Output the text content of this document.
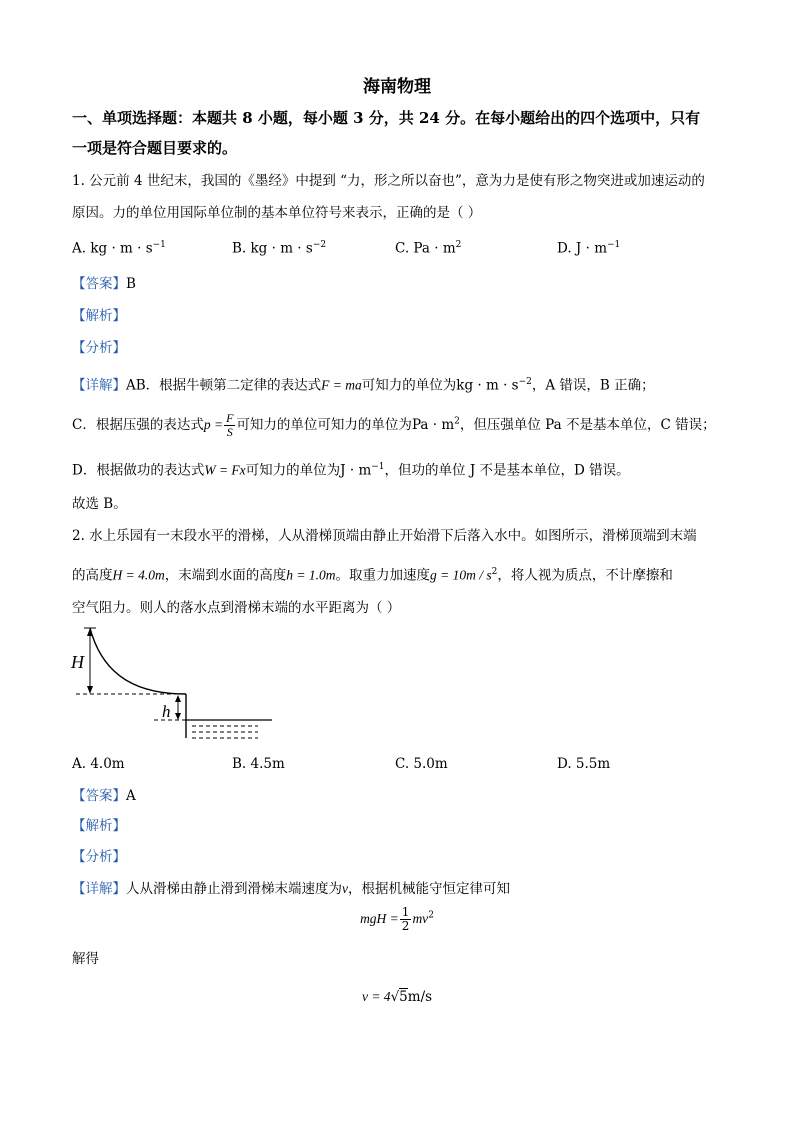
海南物理
一、单项选择题：本题共 8 小题，每小题 3 分，共 24 分。在每小题给出的四个选项中，只有
一项是符合题目要求的。
1. 公元前 4 世纪末，我国的《墨经》中提到 “力，形之所以奋也”，意为力是使有形之物突进或加速运动的
原因。力的单位用国际单位制的基本单位符号来表示，正确的是（ ）
A. kg · $m \cdot s^{-1}$	B. kg · $m \cdot s^{-2}$	C. $Pa \cdot m^2$	D. $J \cdot m^{-1}$
【答案】B
【解析】
【分析】
【详解】AB．根据牛顿第二定律的表达式F = ma可知力的单位为kg · $m \cdot s^{-2}$，A 错误，B 正确；
C．根据压强的表达式$p = \frac{F}{S}$ 可知力的单位可知力的单位为$Pa \cdot m^2$，但压强单位 Pa 不是基本单位，C 错误；
D．根据做功的表达式W = Fx可知力的单位为$J \cdot m^{-1}$，但功的单位 J 不是基本单位，D 错误。
故选 B。
2. 水上乐园有一末段水平的滑梯，人从滑梯顶端由静止开始滑下后落入水中。如图所示，滑梯顶端到末端
的高度H = 4.0m，末端到水面的高度h = 1.0m。取重力加速度$g = 10m / s^2$，将人视为质点，不计摩擦和
空气阻力。则人的落水点到滑梯末端的水平距离为（ ）
H
h
A. 4.0m	B. 4.5m	C. 5.0m	D. 5.5m
【答案】A
【解析】
【分析】
【详解】人从滑梯由静止滑到滑梯末端速度为v，根据机械能守恒定律可知
mgH = $\frac{1}{2} mv^2$
解得
v = 4√5m/s
